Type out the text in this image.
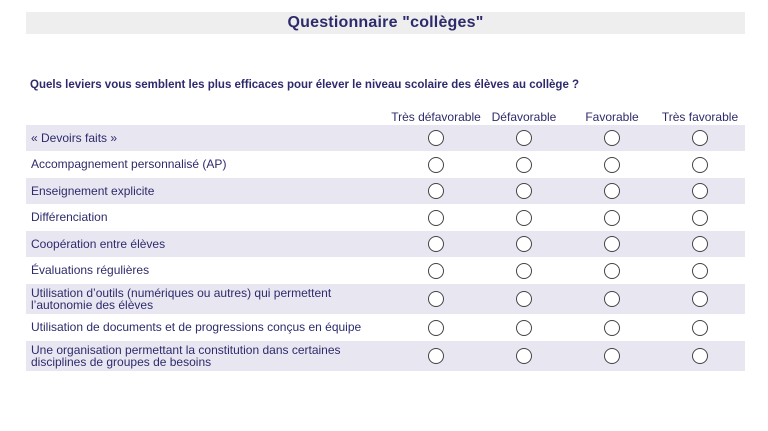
Questionnaire "collèges"
Quels leviers vous semblent les plus efficaces pour élever le niveau scolaire des élèves au collège ?
Très défavorable Défavorable	Favorable	Très favorable
« Devoirs faits »
Accompagnement personnalisé (AP)
Enseignement explicite
Différenciation
Coopération entre élèves
Évaluations régulières
Utilisation d’outils (numériques ou autres) qui permettent l’autonomie des élèves
Utilisation de documents et de progressions conçus en équipe
Une organisation permettant la constitution dans certaines disciplines de groupes de besoins
